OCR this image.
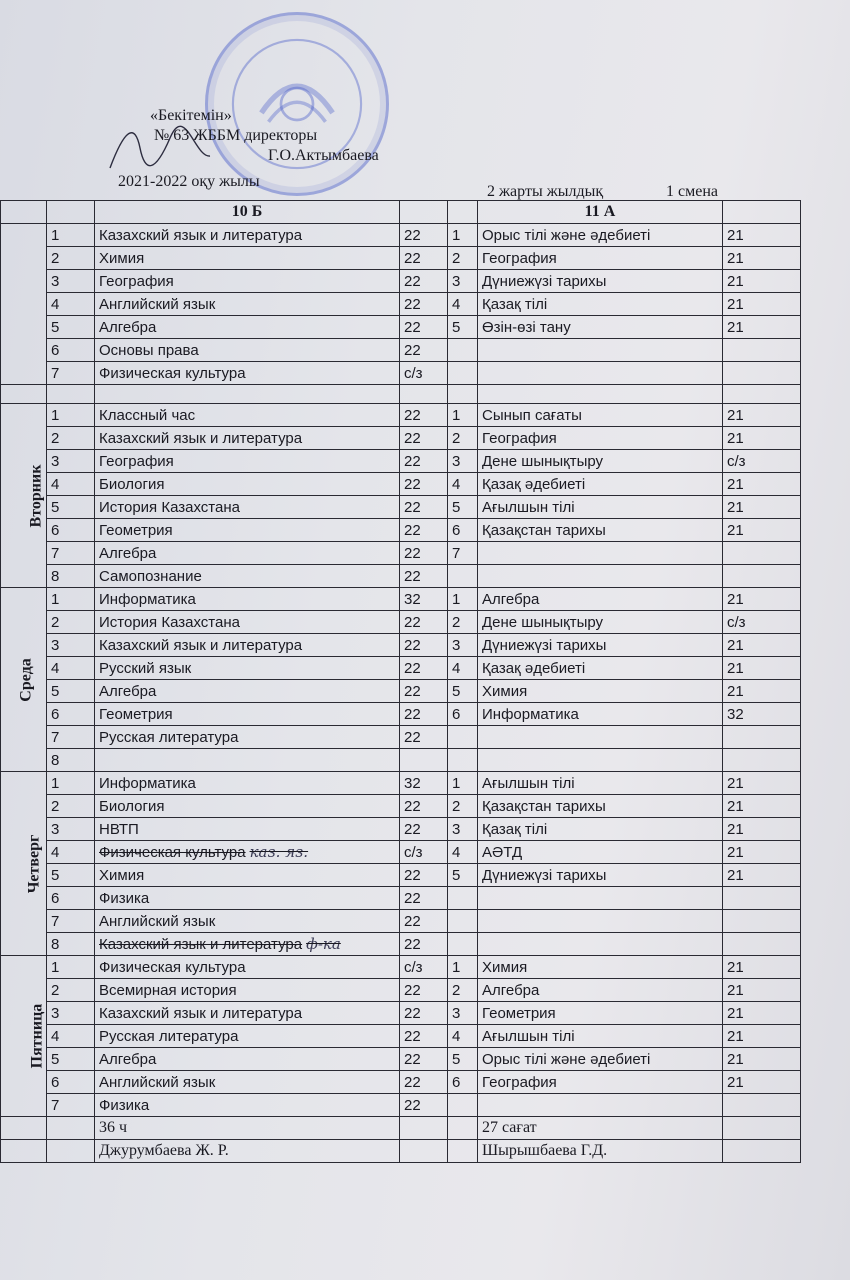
«Бекітемін»
№ 63 ЖББМ директоры
Г.О.Актымбаева
2021-2022 оқу жылы
2 жарты жылдық	1 смена
		10 Б			11 А	
Понедельник	1	Казахский язык и литература	22	1	Орыс тілі және әдебиеті	21
	2	Химия	22	2	География	21
	3	География	22	3	Дүниежүзі тарихы	21
	4	Английский язык	22	4	Қазақ тілі	21
	5	Алгебра	22	5	Өзін-өзі тану	21
	6	Основы права	22			
	7	Физическая культура	с/з			

Вторник	1	Классный час	22	1	Сынып сағаты	21
	2	Казахский язык и литература	22	2	География	21
	3	География	22	3	Дене шынықтыру	с/з
	4	Биология	22	4	Қазақ әдебиеті	21
	5	История Казахстана	22	5	Ағылшын тілі	21
	6	Геометрия	22	6	Қазақстан тарихы	21
	7	Алгебра	22	7		
	8	Самопознание	22			
Среда	1	Информатика	32	1	Алгебра	21
	2	История Казахстана	22	2	Дене шынықтыру	с/з
	3	Казахский язык и литература	22	3	Дүниежүзі тарихы	21
	4	Русский язык	22	4	Қазақ әдебиеті	21
	5	Алгебра	22	5	Химия	21
	6	Геометрия	22	6	Информатика	32
	7	Русская литература	22			
	8					
Четверг	1	Информатика	32	1	Ағылшын тілі	21
	2	Биология	22	2	Қазақстан тарихы	21
	3	НВТП	22	3	Қазақ тілі	21
	4	Физическая культура каз. яз.	с/з	4	АӘТД	21
	5	Химия	22	5	Дүниежүзі тарихы	21
	6	Физика	22			
	7	Английский язык	22			
	8	Казахский язык и литература ф-ка	22			
Пятница	1	Физическая культура	с/з	1	Химия	21
	2	Всемирная история	22	2	Алгебра	21
	3	Казахский язык и литература	22	3	Геометрия	21
	4	Русская литература	22	4	Ағылшын тілі	21
	5	Алгебра	22	5	Орыс тілі және әдебиеті	21
	6	Английский язык	22	6	География	21
	7	Физика	22			
		36 ч			27 сағат	
		Джурумбаева Ж. Р.			Шырышбаева Г.Д.	
